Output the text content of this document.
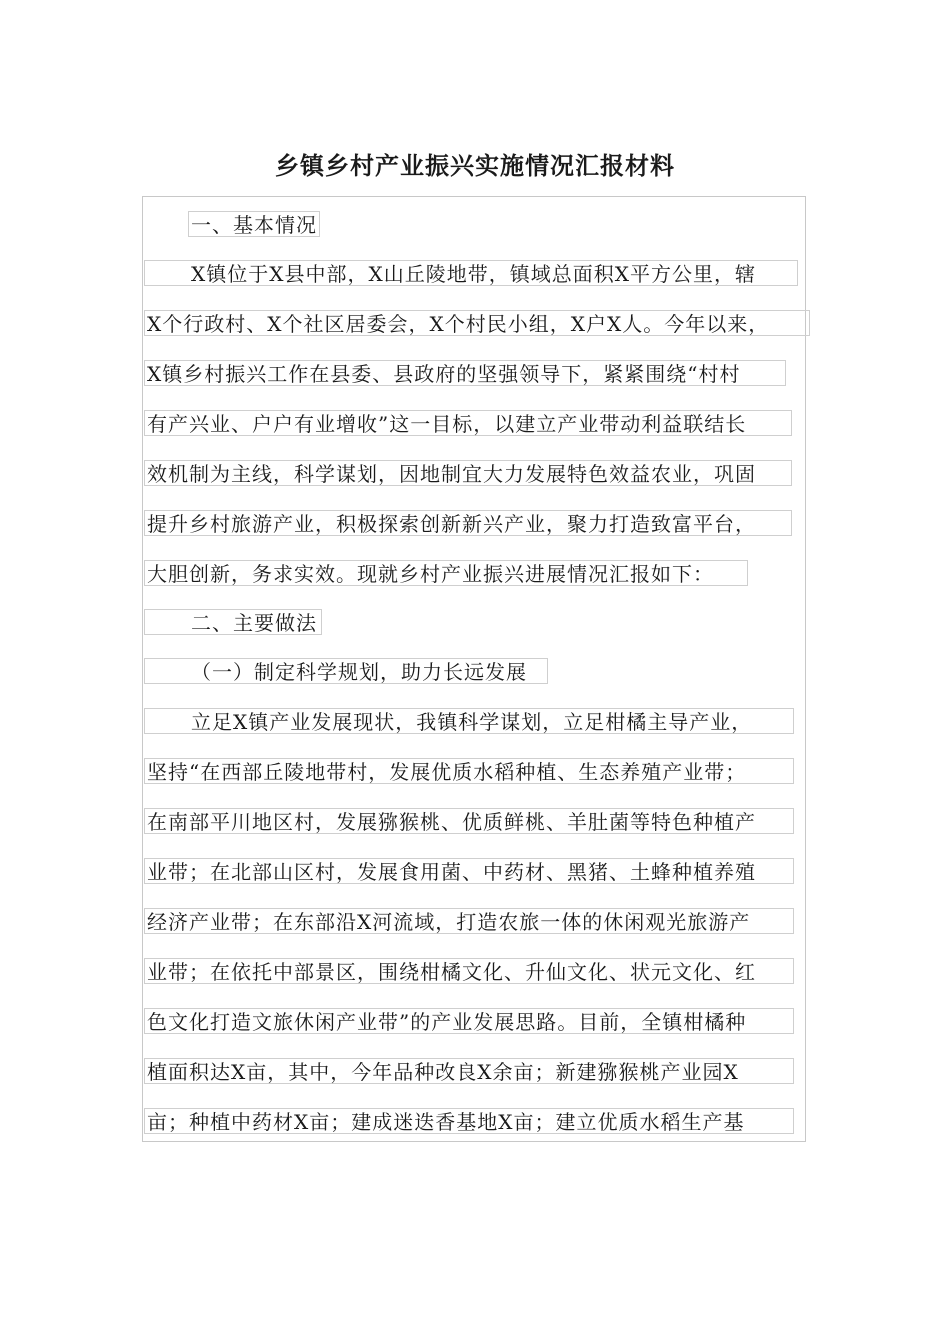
乡镇乡村产业振兴实施情况汇报材料
一、基本情况
X镇位于X县中部，X山丘陵地带，镇域总面积X平方公里，辖
X个行政村、X个社区居委会，X个村民小组，X户X人。今年以来，
X镇乡村振兴工作在县委、县政府的坚强领导下，紧紧围绕“村村
有产兴业、户户有业增收”这一目标，以建立产业带动利益联结长
效机制为主线，科学谋划，因地制宜大力发展特色效益农业，巩固
提升乡村旅游产业，积极探索创新新兴产业，聚力打造致富平台，
大胆创新，务求实效。现就乡村产业振兴进展情况汇报如下：
二、主要做法
（一）制定科学规划，助力长远发展
立足X镇产业发展现状，我镇科学谋划，立足柑橘主导产业，
坚持“在西部丘陵地带村，发展优质水稻种植、生态养殖产业带；
在南部平川地区村，发展猕猴桃、优质鲜桃、羊肚菌等特色种植产
业带；在北部山区村，发展食用菌、中药材、黑猪、土蜂种植养殖
经济产业带；在东部沿X河流域，打造农旅一体的休闲观光旅游产
业带；在依托中部景区，围绕柑橘文化、升仙文化、状元文化、红
色文化打造文旅休闲产业带”的产业发展思路。目前，全镇柑橘种
植面积达X亩，其中，今年品种改良X余亩；新建猕猴桃产业园X
亩；种植中药材X亩；建成迷迭香基地X亩；建立优质水稻生产基
